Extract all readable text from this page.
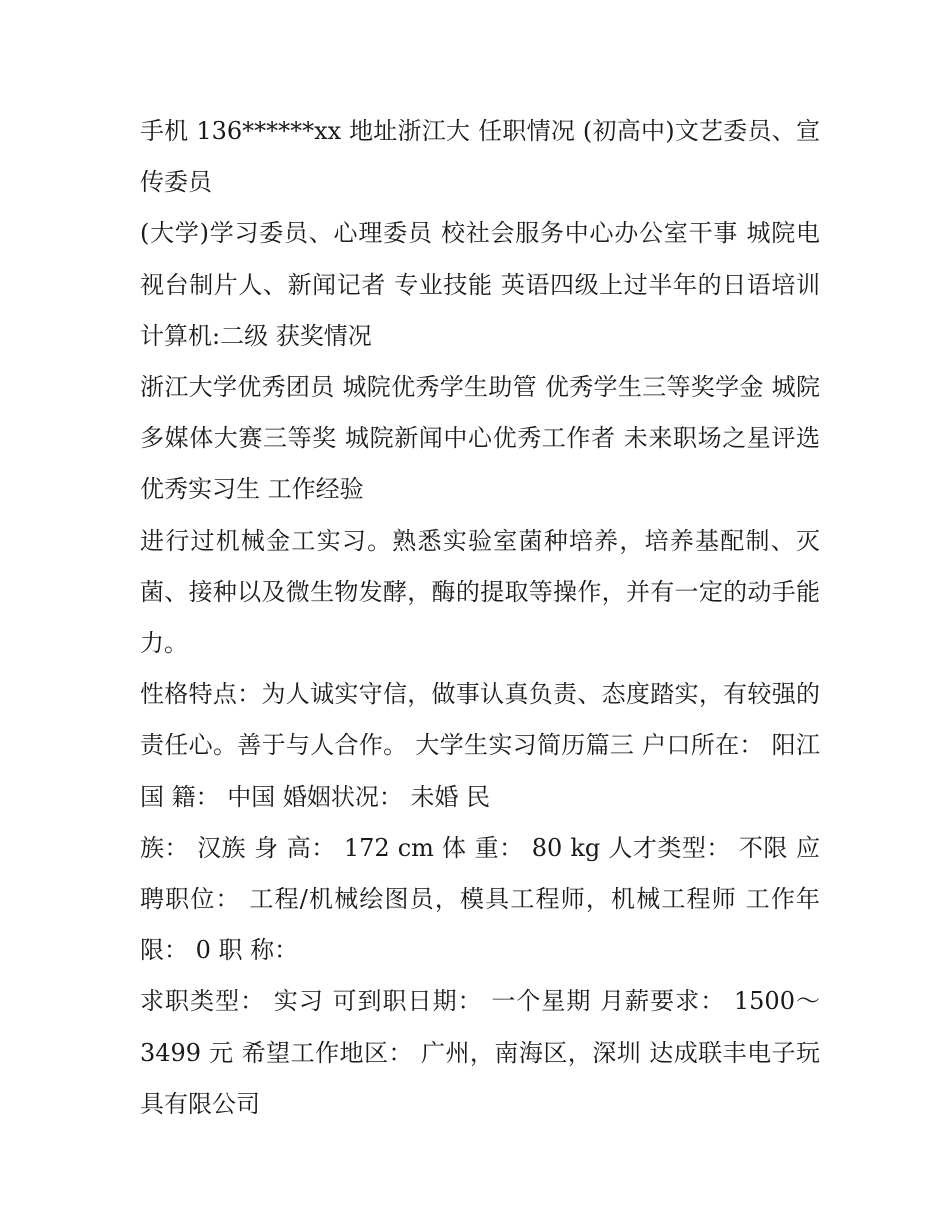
手机 136******xx 地址浙江大 任职情况 (初高中)文艺委员、宣传委员

(大学)学习委员、心理委员 校社会服务中心办公室干事 城院电视台制片人、新闻记者 专业技能 英语四级上过半年的日语培训 计算机:二级 获奖情况

浙江大学优秀团员 城院优秀学生助管 优秀学生三等奖学金 城院多媒体大赛三等奖 城院新闻中心优秀工作者 未来职场之星评选优秀实习生 工作经验

进行过机械金工实习。熟悉实验室菌种培养，培养基配制、灭菌、接种以及微生物发酵，酶的提取等操作，并有一定的动手能力。

性格特点：为人诚实守信，做事认真负责、态度踏实，有较强的责任心。善于与人合作。 大学生实习简历篇三 户口所在： 阳江 国 籍： 中国 婚姻状况： 未婚 民

族： 汉族 身 高： 172 cm 体 重： 80 kg 人才类型： 不限 应聘职位： 工程/机械绘图员，模具工程师，机械工程师 工作年限： 0 职 称：

求职类型： 实习 可到职日期： 一个星期 月薪要求： 1500～3499 元 希望工作地区： 广州，南海区，深圳 达成联丰电子玩具有限公司
